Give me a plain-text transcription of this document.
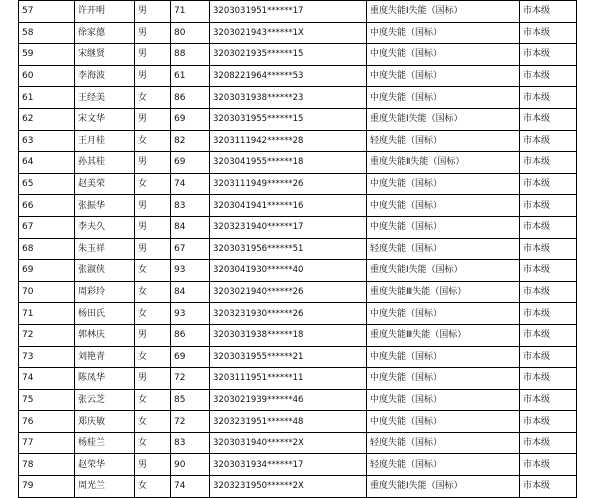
57	许开明	男	71	3203031951******17	重度失能Ⅰ失能（国标）	市本级
58	徐家德	男	80	3203021943******1X	中度失能（国标）	市本级
59	宋继贤	男	88	3203021935******15	中度失能（国标）	市本级
60	李海波	男	61	3208221964******53	中度失能（国标）	市本级
61	王经美	女	86	3203031938******23	中度失能（国标）	市本级
62	宋文华	男	69	3203031955******15	重度失能Ⅰ失能（国标）	市本级
63	王月桂	女	82	3203111942******28	轻度失能（国标）	市本级
64	孙其桂	男	69	3203041955******18	重度失能Ⅱ失能（国标）	市本级
65	赵美荣	女	74	3203111949******26	中度失能（国标）	市本级
66	张振华	男	83	3203041941******16	中度失能（国标）	市本级
67	李夫久	男	84	3203231940******17	中度失能（国标）	市本级
68	朱玉祥	男	67	3203031956******51	轻度失能（国标）	市本级
69	张淑侠	女	93	3203041930******40	重度失能Ⅰ失能（国标）	市本级
70	周彩玲	女	84	3203021940******26	重度失能Ⅲ失能（国标）	市本级
71	杨田氏	女	93	3203231930******26	中度失能（国标）	市本级
72	郭林庆	男	86	3203031938******18	重度失能Ⅲ失能（国标）	市本级
73	刘艳青	女	69	3203031955******21	中度失能（国标）	市本级
74	陈凤华	男	72	3203111951******11	中度失能（国标）	市本级
75	张云芝	女	85	3203021939******46	中度失能（国标）	市本级
76	郑庆敏	女	72	3203231951******48	中度失能（国标）	市本级
77	杨桂兰	女	83	3203031940******2X	轻度失能（国标）	市本级
78	赵荣华	男	90	3203031934******17	轻度失能（国标）	市本级
79	周光兰	女	74	3203231950******2X	重度失能Ⅰ失能（国标）	市本级
